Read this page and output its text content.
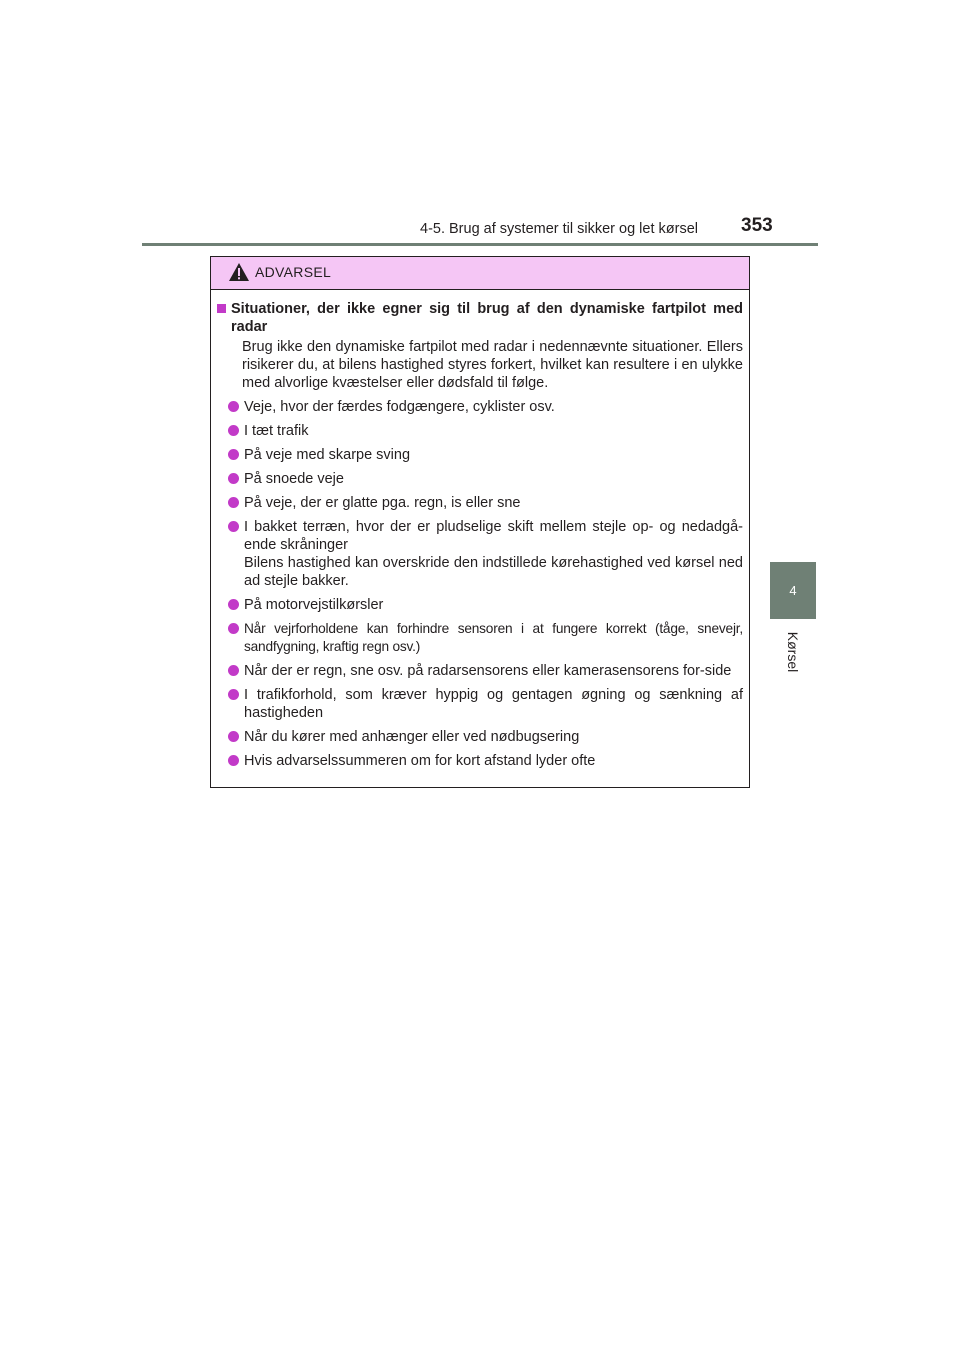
4-5. Brug af systemer til sikker og let kørsel 353
4
Kørsel
ADVARSEL
Situationer, der ikke egner sig til brug af den dynamiske fartpilot med radar
Brug ikke den dynamiske fartpilot med radar i nedennævnte situationer. Ellers risikerer du, at bilens hastighed styres forkert, hvilket kan resultere i en ulykke med alvorlige kvæstelser eller dødsfald til følge.
Veje, hvor der færdes fodgængere, cyklister osv.
I tæt trafik
På veje med skarpe sving
På snoede veje
På veje, der er glatte pga. regn, is eller sne
I bakket terræn, hvor der er pludselige skift mellem stejle op- og nedadgå-ende skråninger
Bilens hastighed kan overskride den indstillede kørehastighed ved kørsel ned ad stejle bakker.
På motorvejstilkørsler
Når vejrforholdene kan forhindre sensoren i at fungere korrekt (tåge, snevejr, sandfygning, kraftig regn osv.)
Når der er regn, sne osv. på radarsensorens eller kamerasensorens for-side
I trafikforhold, som kræver hyppig og gentagen øgning og sænkning af hastigheden
Når du kører med anhænger eller ved nødbugsering
Hvis advarselssummeren om for kort afstand lyder ofte
